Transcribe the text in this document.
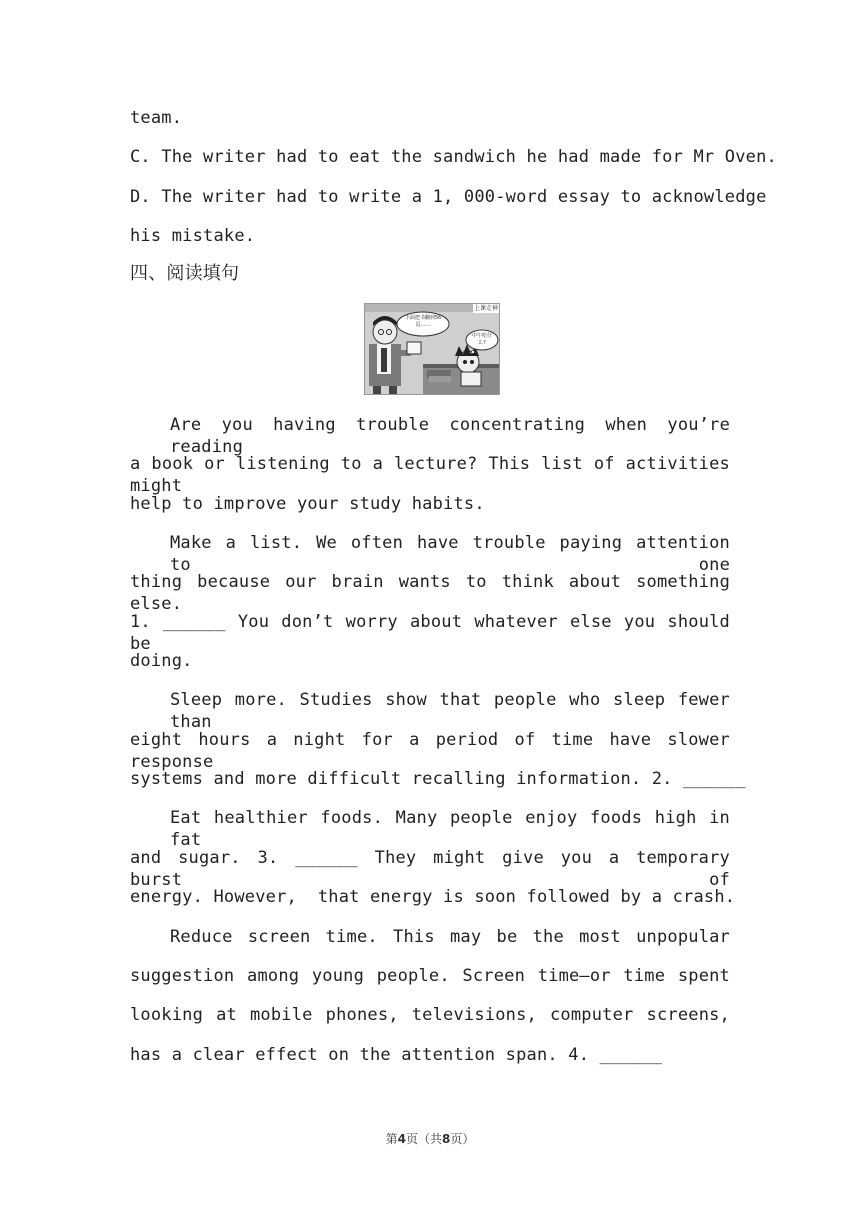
team.
C. The writer had to eat the sandwich he had made for Mr Oven.
D. The writer had to write a 1, 000-word essay to acknowledge
his mistake.
四、阅读填句
上课走神
下面把书翻到56页……
中午吃什么?
Are you having trouble concentrating when you’re reading
a book or listening to a lecture? This list of activities might
help to improve your study habits.
Make a list. We often have trouble paying attention to one
thing because our brain wants to think about something else.
1. ______ You don’t worry about whatever else you should be
doing.
Sleep more. Studies show that people who sleep fewer than
eight hours a night for a period of time have slower response
systems and more difficult recalling information. 2. ______
Eat healthier foods. Many people enjoy foods high in fat
and sugar. 3. ______ They might give you a temporary burst of
energy. However,  that energy is soon followed by a crash.
Reduce screen time. This may be the most unpopular
suggestion among young people. Screen time—or time spent
looking at mobile phones, televisions, computer screens,
has a clear effect on the attention span. 4. ______
第4页（共8页）
